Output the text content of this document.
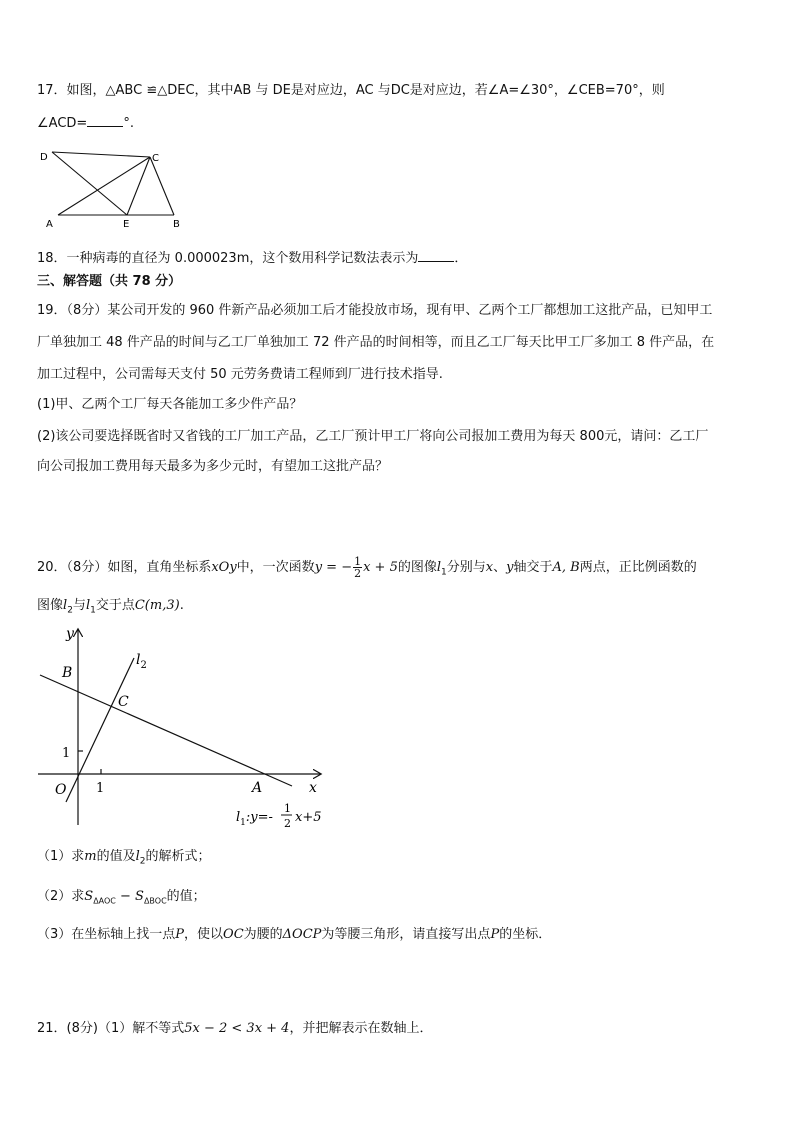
17．如图，△ABC ≌△DEC，其中AB 与 DE是对应边，AC 与DC是对应边，若∠A=∠30°，∠CEB=70°，则
∠ACD=	°.
D	C
A	E	B
18．一种病毒的直径为 0.000023m，这个数用科学记数法表示为	．
三、解答题（共 78 分）
19．（8分）某公司开发的 960 件新产品必须加工后才能投放市场，现有甲、乙两个工厂都想加工这批产品，已知甲工
厂单独加工 48 件产品的时间与乙工厂单独加工 72 件产品的时间相等，而且乙工厂每天比甲工厂多加工 8 件产品，在
加工过程中，公司需每天支付 50 元劳务费请工程师到厂进行技术指导.
(1)甲、乙两个工厂每天各能加工多少件产品？
(2)该公司要选择既省时又省钱的工厂加工产品，乙工厂预计甲工厂将向公司报加工费用为每天 800元，请问：乙工厂
向公司报加工费用每天最多为多少元时，有望加工这批产品？
20．（8分）如图，直角坐标系xOy中，一次函数y = − $\frac{1}{2}$ x + 5的图像$l_1$分别与x、y轴交于A, B两点，正比例函数的
图像$l_2$与$l_1$交于点C(m,3).
y
x
B
C
$l_2$
1
1
O	A
$l_1:y=-$
1
2 x+5
（1）求m的值及$l_2$的解析式；
（2）求$S_{\Delta AOC} - S_{\Delta BOC}$的值；
（3）在坐标轴上找一点P，使以OC为腰的ΔOCP为等腰三角形，请直接写出点P的坐标．
21．(8分)（1）解不等式5x − 2 < 3x + 4，并把解表示在数轴上．
